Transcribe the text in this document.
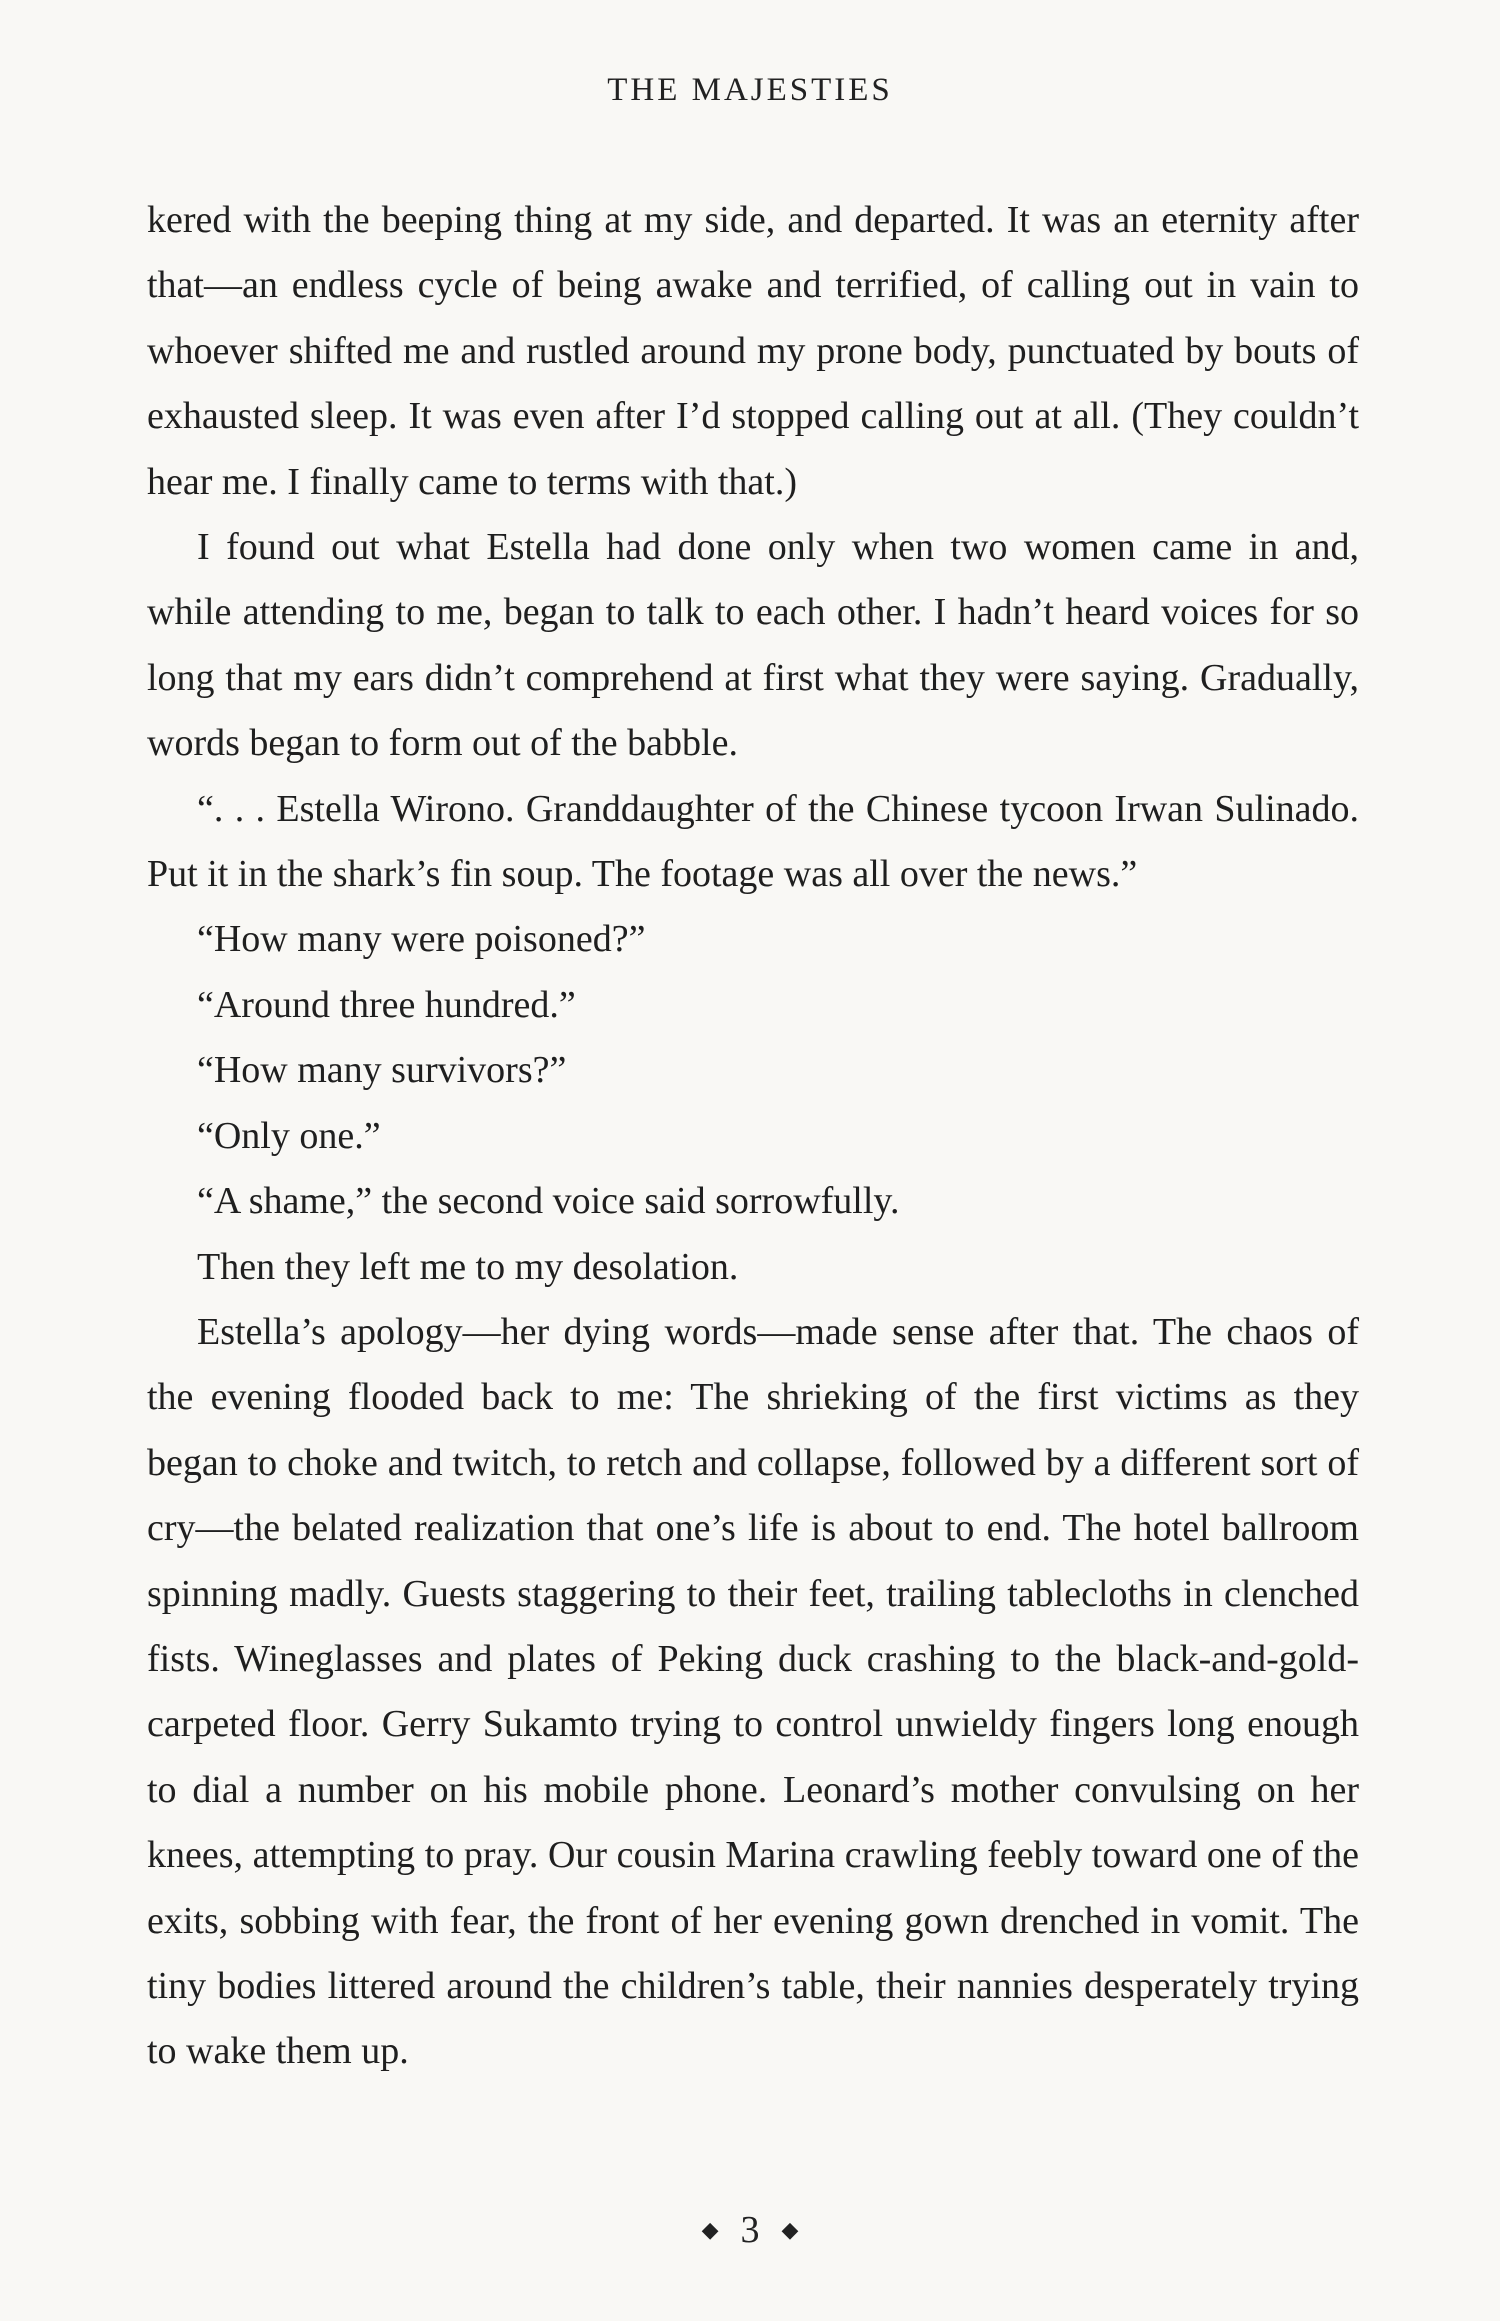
THE MAJESTIES

kered with the beeping thing at my side, and departed. It was an eternity after that—an endless cycle of being awake and terrified, of calling out in vain to whoever shifted me and rustled around my prone body, punctuated by bouts of exhausted sleep. It was even after I’d stopped calling out at all. (They couldn’t hear me. I finally came to terms with that.)

I found out what Estella had done only when two women came in and, while attending to me, began to talk to each other. I hadn’t heard voices for so long that my ears didn’t comprehend at first what they were saying. Gradually, words began to form out of the babble.

“. . . Estella Wirono. Granddaughter of the Chinese tycoon Irwan Sulinado. Put it in the shark’s fin soup. The footage was all over the news.”

“How many were poisoned?”

“Around three hundred.”

“How many survivors?”

“Only one.”

“A shame,” the second voice said sorrowfully.

Then they left me to my desolation.

Estella’s apology—her dying words—made sense after that. The chaos of the evening flooded back to me: The shrieking of the first victims as they began to choke and twitch, to retch and collapse, followed by a different sort of cry—the belated realization that one’s life is about to end. The hotel ballroom spinning madly. Guests staggering to their feet, trailing tablecloths in clenched fists. Wineglasses and plates of Peking duck crashing to the black-and-gold-carpeted floor. Gerry Sukamto trying to control unwieldy fingers long enough to dial a number on his mobile phone. Leonard’s mother convulsing on her knees, attempting to pray. Our cousin Marina crawling feebly toward one of the exits, sobbing with fear, the front of her evening gown drenched in vomit. The tiny bodies littered around the children’s table, their nannies desperately trying to wake them up.

◆ 3 ◆
